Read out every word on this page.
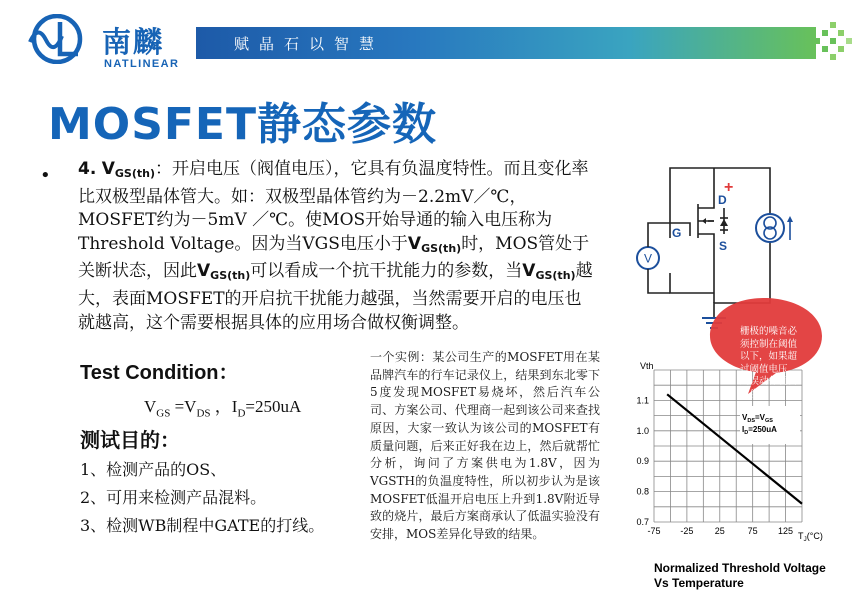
南麟
NATLINEAR
赋晶石以智慧
MOSFET静态参数
• 4. $V_{GS(th)}$：开启电压（阀值电压），它具有负温度特性。而且变化率比双极型晶体管大。如：双极型晶体管约为－2.2mV／℃，MOSFET约为－5mV ／℃。使MOS开始导通的输入电压称为Threshold Voltage。因为当VGS电压小于$V_{GS(th)}$时，MOS管处于关断状态，因此$V_{GS(th)}$可以看成一个抗干扰能力的参数，当$V_{GS(th)}$越大，表面MOSFET的开启抗干扰能力越强，当然需要开启的电压也就越高，这个需要根据具体的应用场合做权衡调整。

Test Condition：
$V_{GS} =V_{DS}$ ，$I_D=250uA$
测试目的：
1、检测产品的OS、
2、可用来检测产品混料。
3、检测WB制程中GATE的打线。

一个实例：某公司生产的MOSFET用在某品牌汽车的行车记录仪上，结果到东北零下5度发现MOSFET易烧坏，然后汽车公司、方案公司、代理商一起到该公司来查找原因，大家一致认为该公司的MOSFET有质量问题，后来正好我在边上，然后就帮忙分析，询问了方案供电为1.8V，因为VGSTH的负温度特性，所以初步认为是该MOSFET低温开启电压上升到1.8V附近导致的烧片，最后方案商承认了低温实验没有安排，MOS差异化导致的结果。

V
D
G
S
+
-75 -25 25	75 125
0.7
0.8
0.9
1.0
1.1
Vth
$T_J(^\circ C)$
$V_{DS}=V_{GS}$
$I_D=250uA$
Normalized Threshold Voltage
Vs Temperature
栅极的噪音必须控制在阈值以下，如果超过阈值电压，则误动作就会发生。
